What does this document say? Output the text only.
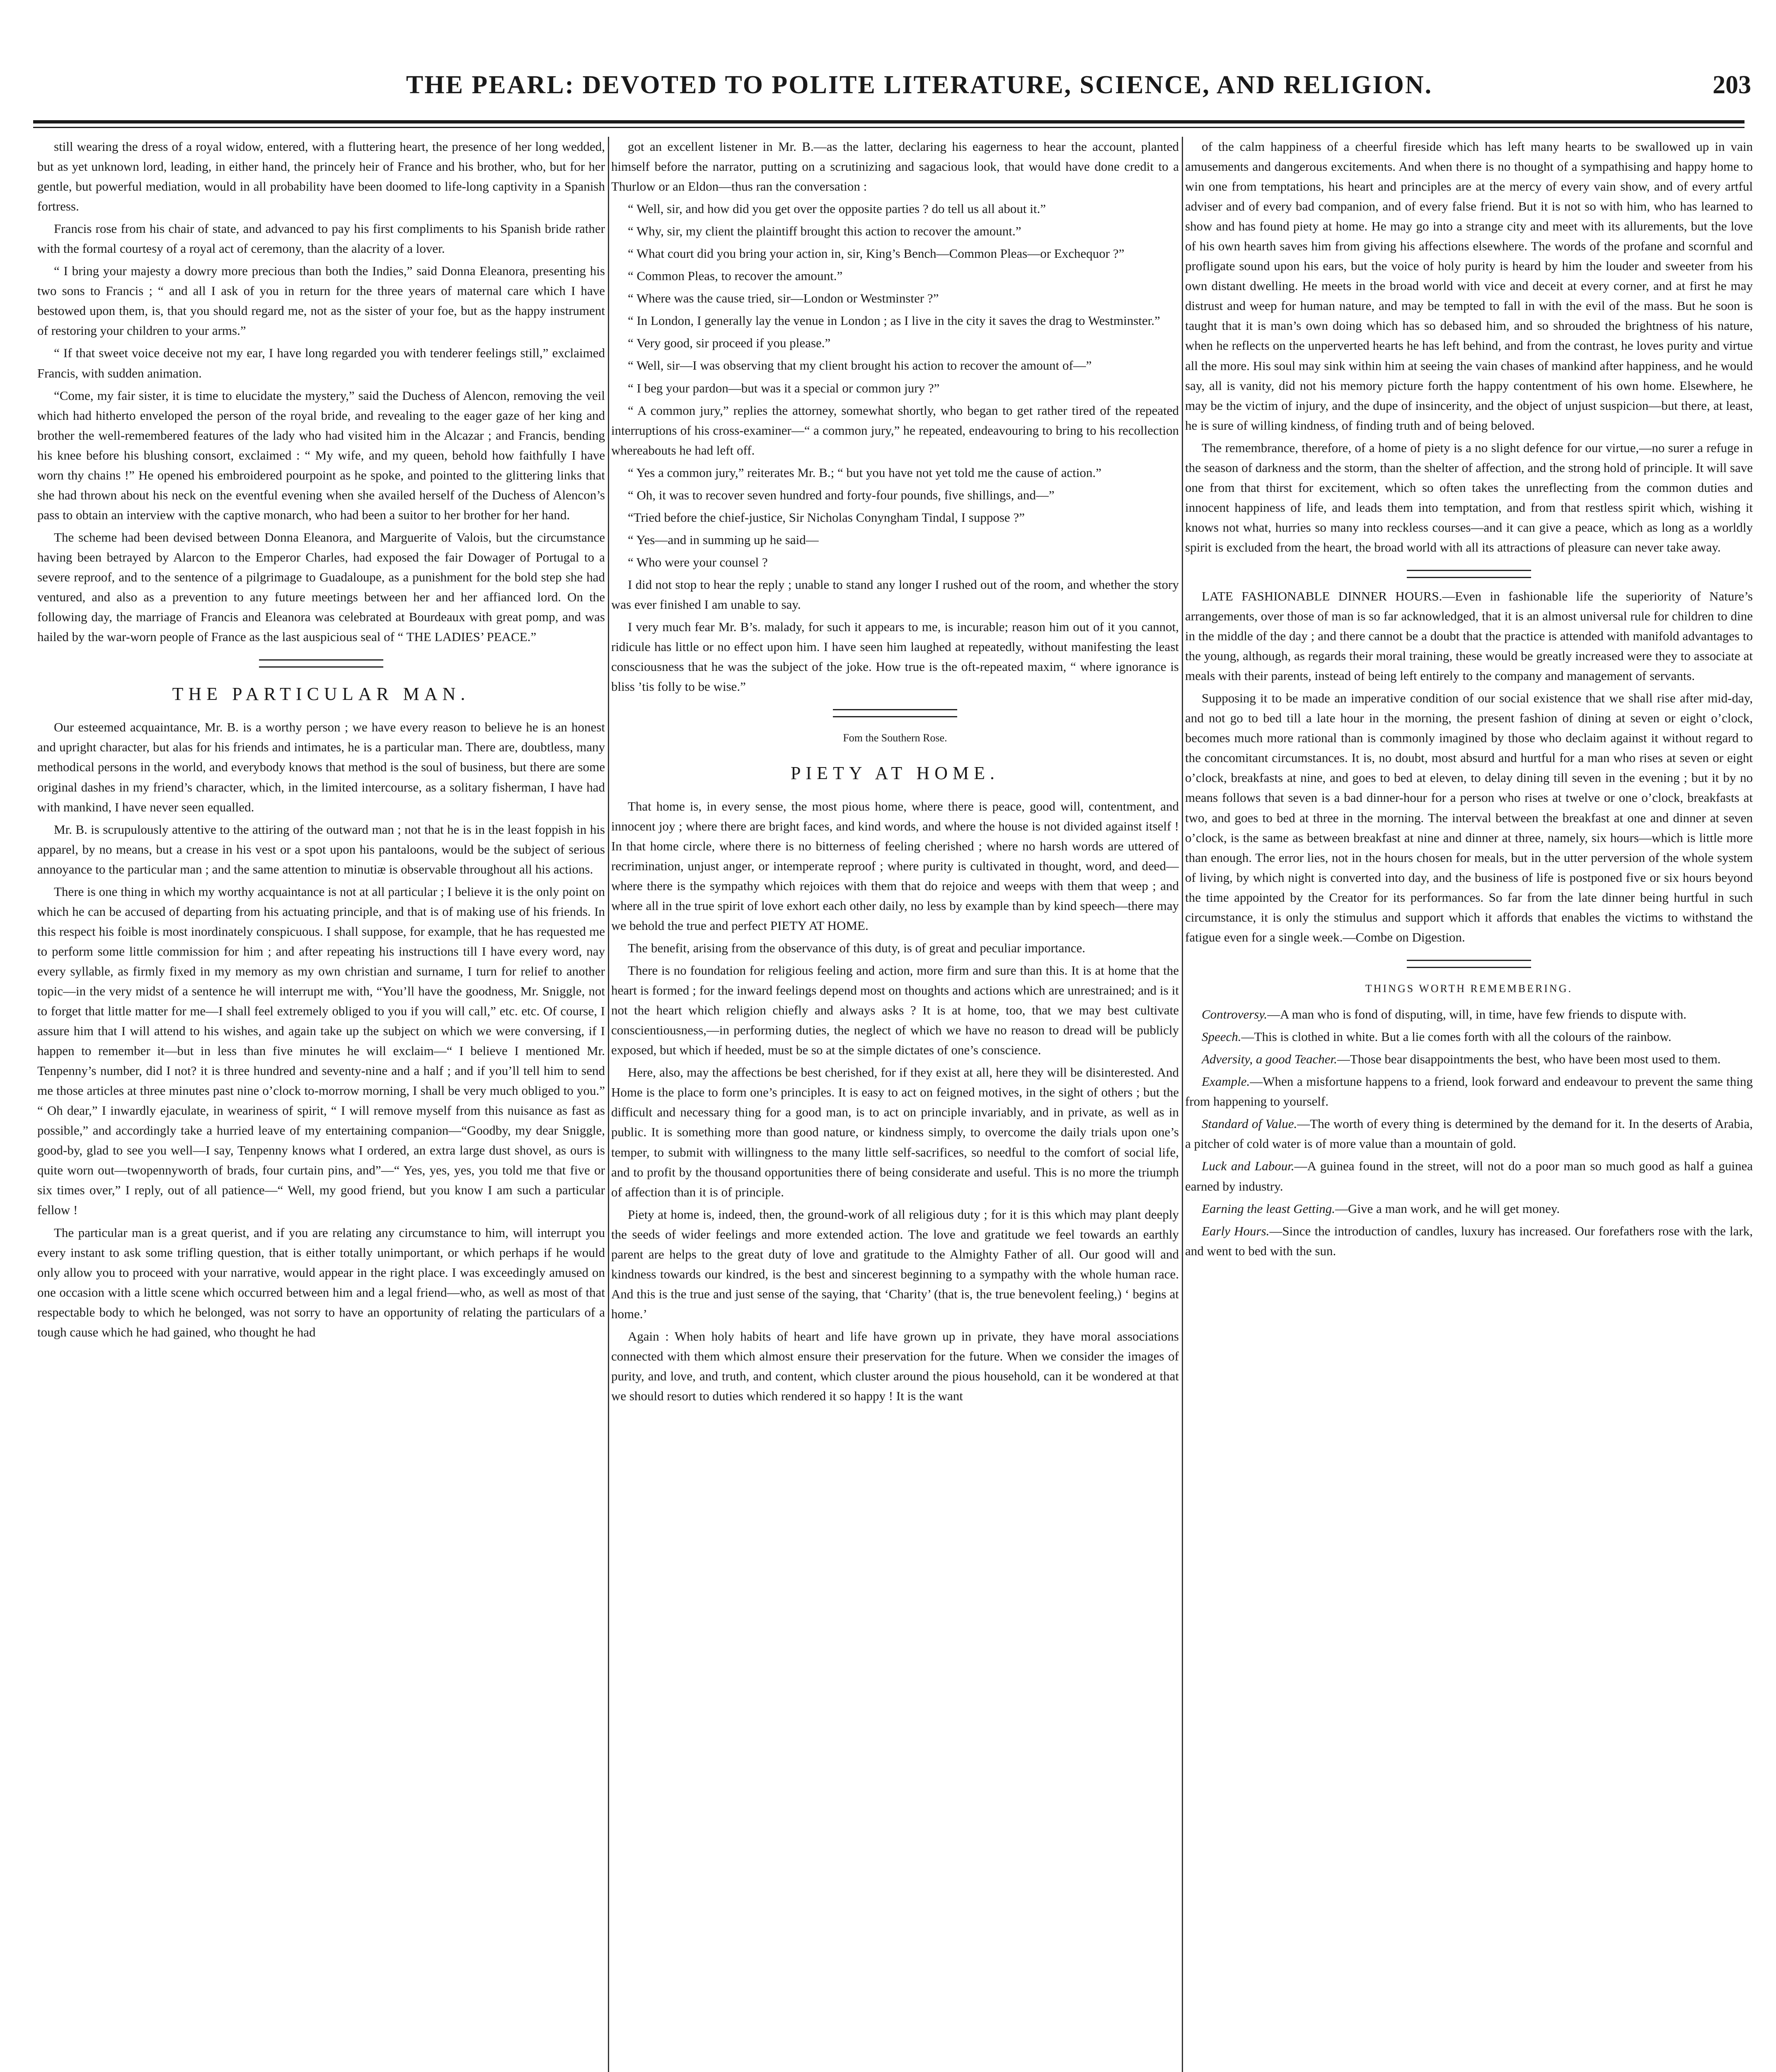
THE PEARL: DEVOTED TO POLITE LITERATURE, SCIENCE, AND RELIGION.	203

still wearing the dress of a royal widow, entered, with a fluttering heart, the presence of her long wedded, but as yet unknown lord, leading, in either hand, the princely heir of France and his brother, who, but for her gentle, but powerful mediation, would in all probability have been doomed to life-long captivity in a Spanish fortress.

Francis rose from his chair of state, and advanced to pay his first compliments to his Spanish bride rather with the formal courtesy of a royal act of ceremony, than the alacrity of a lover.

“ I bring your majesty a dowry more precious than both the Indies,” said Donna Eleanora, presenting his two sons to Francis ; “ and all I ask of you in return for the three years of maternal care which I have bestowed upon them, is, that you should regard me, not as the sister of your foe, but as the happy instrument of restoring your children to your arms.”

“ If that sweet voice deceive not my ear, I have long regarded you with tenderer feelings still,” exclaimed Francis, with sudden animation.

“Come, my fair sister, it is time to elucidate the mystery,” said the Duchess of Alencon, removing the veil which had hitherto enveloped the person of the royal bride, and revealing to the eager gaze of her king and brother the well-remembered features of the lady who had visited him in the Alcazar ; and Francis, bending his knee before his blushing consort, exclaimed : “ My wife, and my queen, behold how faithfully I have worn thy chains !” He opened his embroidered pourpoint as he spoke, and pointed to the glittering links that she had thrown about his neck on the eventful evening when she availed herself of the Duchess of Alencon’s pass to obtain an interview with the captive monarch, who had been a suitor to her brother for her hand.

The scheme had been devised between Donna Eleanora, and Marguerite of Valois, but the circumstance having been betrayed by Alarcon to the Emperor Charles, had exposed the fair Dowager of Portugal to a severe reproof, and to the sentence of a pilgrimage to Guadaloupe, as a punishment for the bold step she had ventured, and also as a prevention to any future meetings between her and her affianced lord. On the following day, the marriage of Francis and Eleanora was celebrated at Bourdeaux with great pomp, and was hailed by the war-worn people of France as the last auspicious seal of “ THE LADIES’ PEACE.”

THE PARTICULAR MAN.

Our esteemed acquaintance, Mr. B. is a worthy person ; we have every reason to believe he is an honest and upright character, but alas for his friends and intimates, he is a particular man. There are, doubtless, many methodical persons in the world, and everybody knows that method is the soul of business, but there are some original dashes in my friend’s character, which, in the limited intercourse, as a solitary fisherman, I have had with mankind, I have never seen equalled.

Mr. B. is scrupulously attentive to the attiring of the outward man ; not that he is in the least foppish in his apparel, by no means, but a crease in his vest or a spot upon his pantaloons, would be the subject of serious annoyance to the particular man ; and the same attention to minutiæ is observable throughout all his actions.

There is one thing in which my worthy acquaintance is not at all particular ; I believe it is the only point on which he can be accused of departing from his actuating principle, and that is of making use of his friends. In this respect his foible is most inordinately conspicuous. I shall suppose, for example, that he has requested me to perform some little commission for him ; and after repeating his instructions till I have every word, nay every syllable, as firmly fixed in my memory as my own christian and surname, I turn for relief to another topic—in the very midst of a sentence he will interrupt me with, “You’ll have the goodness, Mr. Sniggle, not to forget that little matter for me—I shall feel extremely obliged to you if you will call,” etc. etc. Of course, I assure him that I will attend to his wishes, and again take up the subject on which we were conversing, if I happen to remember it—but in less than five minutes he will exclaim—“ I believe I mentioned Mr. Tenpenny’s number, did I not? it is three hundred and seventy-nine and a half ; and if you’ll tell him to send me those articles at three minutes past nine o’clock to-morrow morning, I shall be very much obliged to you.” “ Oh dear,” I inwardly ejaculate, in weariness of spirit, “ I will remove myself from this nuisance as fast as possible,” and accordingly take a hurried leave of my entertaining companion—“Goodby, my dear Sniggle, good-by, glad to see you well—I say, Tenpenny knows what I ordered, an extra large dust shovel, as ours is quite worn out—twopennyworth of brads, four curtain pins, and”—“ Yes, yes, yes, you told me that five or six times over,” I reply, out of all patience—“ Well, my good friend, but you know I am such a particular fellow !

The particular man is a great querist, and if you are relating any circumstance to him, will interrupt you every instant to ask some trifling question, that is either totally unimportant, or which perhaps if he would only allow you to proceed with your narrative, would appear in the right place. I was exceedingly amused on one occasion with a little scene which occurred between him and a legal friend—who, as well as most of that respectable body to which he belonged, was not sorry to have an opportunity of relating the particulars of a tough cause which he had gained, who thought he had

got an excellent listener in Mr. B.—as the latter, declaring his eagerness to hear the account, planted himself before the narrator, putting on a scrutinizing and sagacious look, that would have done credit to a Thurlow or an Eldon—thus ran the conversation :

“ Well, sir, and how did you get over the opposite parties ? do tell us all about it.”

“ Why, sir, my client the plaintiff brought this action to recover the amount.”

“ What court did you bring your action in, sir, King’s Bench—Common Pleas—or Exchequor ?”

“ Common Pleas, to recover the amount.”

“ Where was the cause tried, sir—London or Westminster ?”

“ In London, I generally lay the venue in London ; as I live in the city it saves the drag to Westminster.”

“ Very good, sir proceed if you please.”

“ Well, sir—I was observing that my client brought his action to recover the amount of—”

“ I beg your pardon—but was it a special or common jury ?”

“ A common jury,” replies the attorney, somewhat shortly, who began to get rather tired of the repeated interruptions of his cross-examiner—“ a common jury,” he repeated, endeavouring to bring to his recollection whereabouts he had left off.

“ Yes a common jury,” reiterates Mr. B.; “ but you have not yet told me the cause of action.”

“ Oh, it was to recover seven hundred and forty-four pounds, five shillings, and—”

“Tried before the chief-justice, Sir Nicholas Conyngham Tindal, I suppose ?”

“ Yes—and in summing up he said—

“ Who were your counsel ?

I did not stop to hear the reply ; unable to stand any longer I rushed out of the room, and whether the story was ever finished I am unable to say.

I very much fear Mr. B’s. malady, for such it appears to me, is incurable; reason him out of it you cannot, ridicule has little or no effect upon him. I have seen him laughed at repeatedly, without manifesting the least consciousness that he was the subject of the joke. How true is the oft-repeated maxim, “ where ignorance is bliss ’tis folly to be wise.”

Fom the Southern Rose.

PIETY AT HOME.

That home is, in every sense, the most pious home, where there is peace, good will, contentment, and innocent joy ; where there are bright faces, and kind words, and where the house is not divided against itself ! In that home circle, where there is no bitterness of feeling cherished ; where no harsh words are uttered of recrimination, unjust anger, or intemperate reproof ; where purity is cultivated in thought, word, and deed—where there is the sympathy which rejoices with them that do rejoice and weeps with them that weep ; and where all in the true spirit of love exhort each other daily, no less by example than by kind speech—there may we behold the true and perfect PIETY AT HOME.

The benefit, arising from the observance of this duty, is of great and peculiar importance.

There is no foundation for religious feeling and action, more firm and sure than this. It is at home that the heart is formed ; for the inward feelings depend most on thoughts and actions which are unrestrained; and is it not the heart which religion chiefly and always asks ? It is at home, too, that we may best cultivate conscientiousness,—in performing duties, the neglect of which we have no reason to dread will be publicly exposed, but which if heeded, must be so at the simple dictates of one’s conscience.

Here, also, may the affections be best cherished, for if they exist at all, here they will be disinterested. And Home is the place to form one’s principles. It is easy to act on feigned motives, in the sight of others ; but the difficult and necessary thing for a good man, is to act on principle invariably, and in private, as well as in public. It is something more than good nature, or kindness simply, to overcome the daily trials upon one’s temper, to submit with willingness to the many little self-sacrifices, so needful to the comfort of social life, and to profit by the thousand opportunities there of being considerate and useful. This is no more the triumph of affection than it is of principle.

Piety at home is, indeed, then, the ground-work of all religious duty ; for it is this which may plant deeply the seeds of wider feelings and more extended action. The love and gratitude we feel towards an earthly parent are helps to the great duty of love and gratitude to the Almighty Father of all. Our good will and kindness towards our kindred, is the best and sincerest beginning to a sympathy with the whole human race. And this is the true and just sense of the saying, that ‘Charity’ (that is, the true benevolent feeling,) ‘ begins at home.’

Again : When holy habits of heart and life have grown up in private, they have moral associations connected with them which almost ensure their preservation for the future. When we consider the images of purity, and love, and truth, and content, which cluster around the pious household, can it be wondered at that we should resort to duties which rendered it so happy ! It is the want

of the calm happiness of a cheerful fireside which has left many hearts to be swallowed up in vain amusements and dangerous excitements. And when there is no thought of a sympathising and happy home to win one from temptations, his heart and principles are at the mercy of every vain show, and of every artful adviser and of every bad companion, and of every false friend. But it is not so with him, who has learned to show and has found piety at home. He may go into a strange city and meet with its allurements, but the love of his own hearth saves him from giving his affections elsewhere. The words of the profane and scornful and profligate sound upon his ears, but the voice of holy purity is heard by him the louder and sweeter from his own distant dwelling. He meets in the broad world with vice and deceit at every corner, and at first he may distrust and weep for human nature, and may be tempted to fall in with the evil of the mass. But he soon is taught that it is man’s own doing which has so debased him, and so shrouded the brightness of his nature, when he reflects on the unperverted hearts he has left behind, and from the contrast, he loves purity and virtue all the more. His soul may sink within him at seeing the vain chases of mankind after happiness, and he would say, all is vanity, did not his memory picture forth the happy contentment of his own home. Elsewhere, he may be the victim of injury, and the dupe of insincerity, and the object of unjust suspicion—but there, at least, he is sure of willing kindness, of finding truth and of being beloved.

The remembrance, therefore, of a home of piety is a no slight defence for our virtue,—no surer a refuge in the season of darkness and the storm, than the shelter of affection, and the strong hold of principle. It will save one from that thirst for excitement, which so often takes the unreflecting from the common duties and innocent happiness of life, and leads them into temptation, and from that restless spirit which, wishing it knows not what, hurries so many into reckless courses—and it can give a peace, which as long as a worldly spirit is excluded from the heart, the broad world with all its attractions of pleasure can never take away.

LATE FASHIONABLE DINNER HOURS.—Even in fashionable life the superiority of Nature’s arrangements, over those of man is so far acknowledged, that it is an almost universal rule for children to dine in the middle of the day ; and there cannot be a doubt that the practice is attended with manifold advantages to the young, although, as regards their moral training, these would be greatly increased were they to associate at meals with their parents, instead of being left entirely to the company and management of servants.

Supposing it to be made an imperative condition of our social existence that we shall rise after mid-day, and not go to bed till a late hour in the morning, the present fashion of dining at seven or eight o’clock, becomes much more rational than is commonly imagined by those who declaim against it without regard to the concomitant circumstances. It is, no doubt, most absurd and hurtful for a man who rises at seven or eight o’clock, breakfasts at nine, and goes to bed at eleven, to delay dining till seven in the evening ; but it by no means follows that seven is a bad dinner-hour for a person who rises at twelve or one o’clock, breakfasts at two, and goes to bed at three in the morning. The interval between the breakfast at one and dinner at seven o’clock, is the same as between breakfast at nine and dinner at three, namely, six hours—which is little more than enough. The error lies, not in the hours chosen for meals, but in the utter perversion of the whole system of living, by which night is converted into day, and the business of life is postponed five or six hours beyond the time appointed by the Creator for its performances. So far from the late dinner being hurtful in such circumstance, it is only the stimulus and support which it affords that enables the victims to withstand the fatigue even for a single week.—Combe on Digestion.

THINGS WORTH REMEMBERING.

Controversy.—A man who is fond of disputing, will, in time, have few friends to dispute with.

Speech.—This is clothed in white. But a lie comes forth with all the colours of the rainbow.

Adversity, a good Teacher.—Those bear disappointments the best, who have been most used to them.

Example.—When a misfortune happens to a friend, look forward and endeavour to prevent the same thing from happening to yourself.

Standard of Value.—The worth of every thing is determined by the demand for it. In the deserts of Arabia, a pitcher of cold water is of more value than a mountain of gold.

Luck and Labour.—A guinea found in the street, will not do a poor man so much good as half a guinea earned by industry.

Earning the least Getting.—Give a man work, and he will get money.

Early Hours.—Since the introduction of candles, luxury has increased. Our forefathers rose with the lark, and went to bed with the sun.
